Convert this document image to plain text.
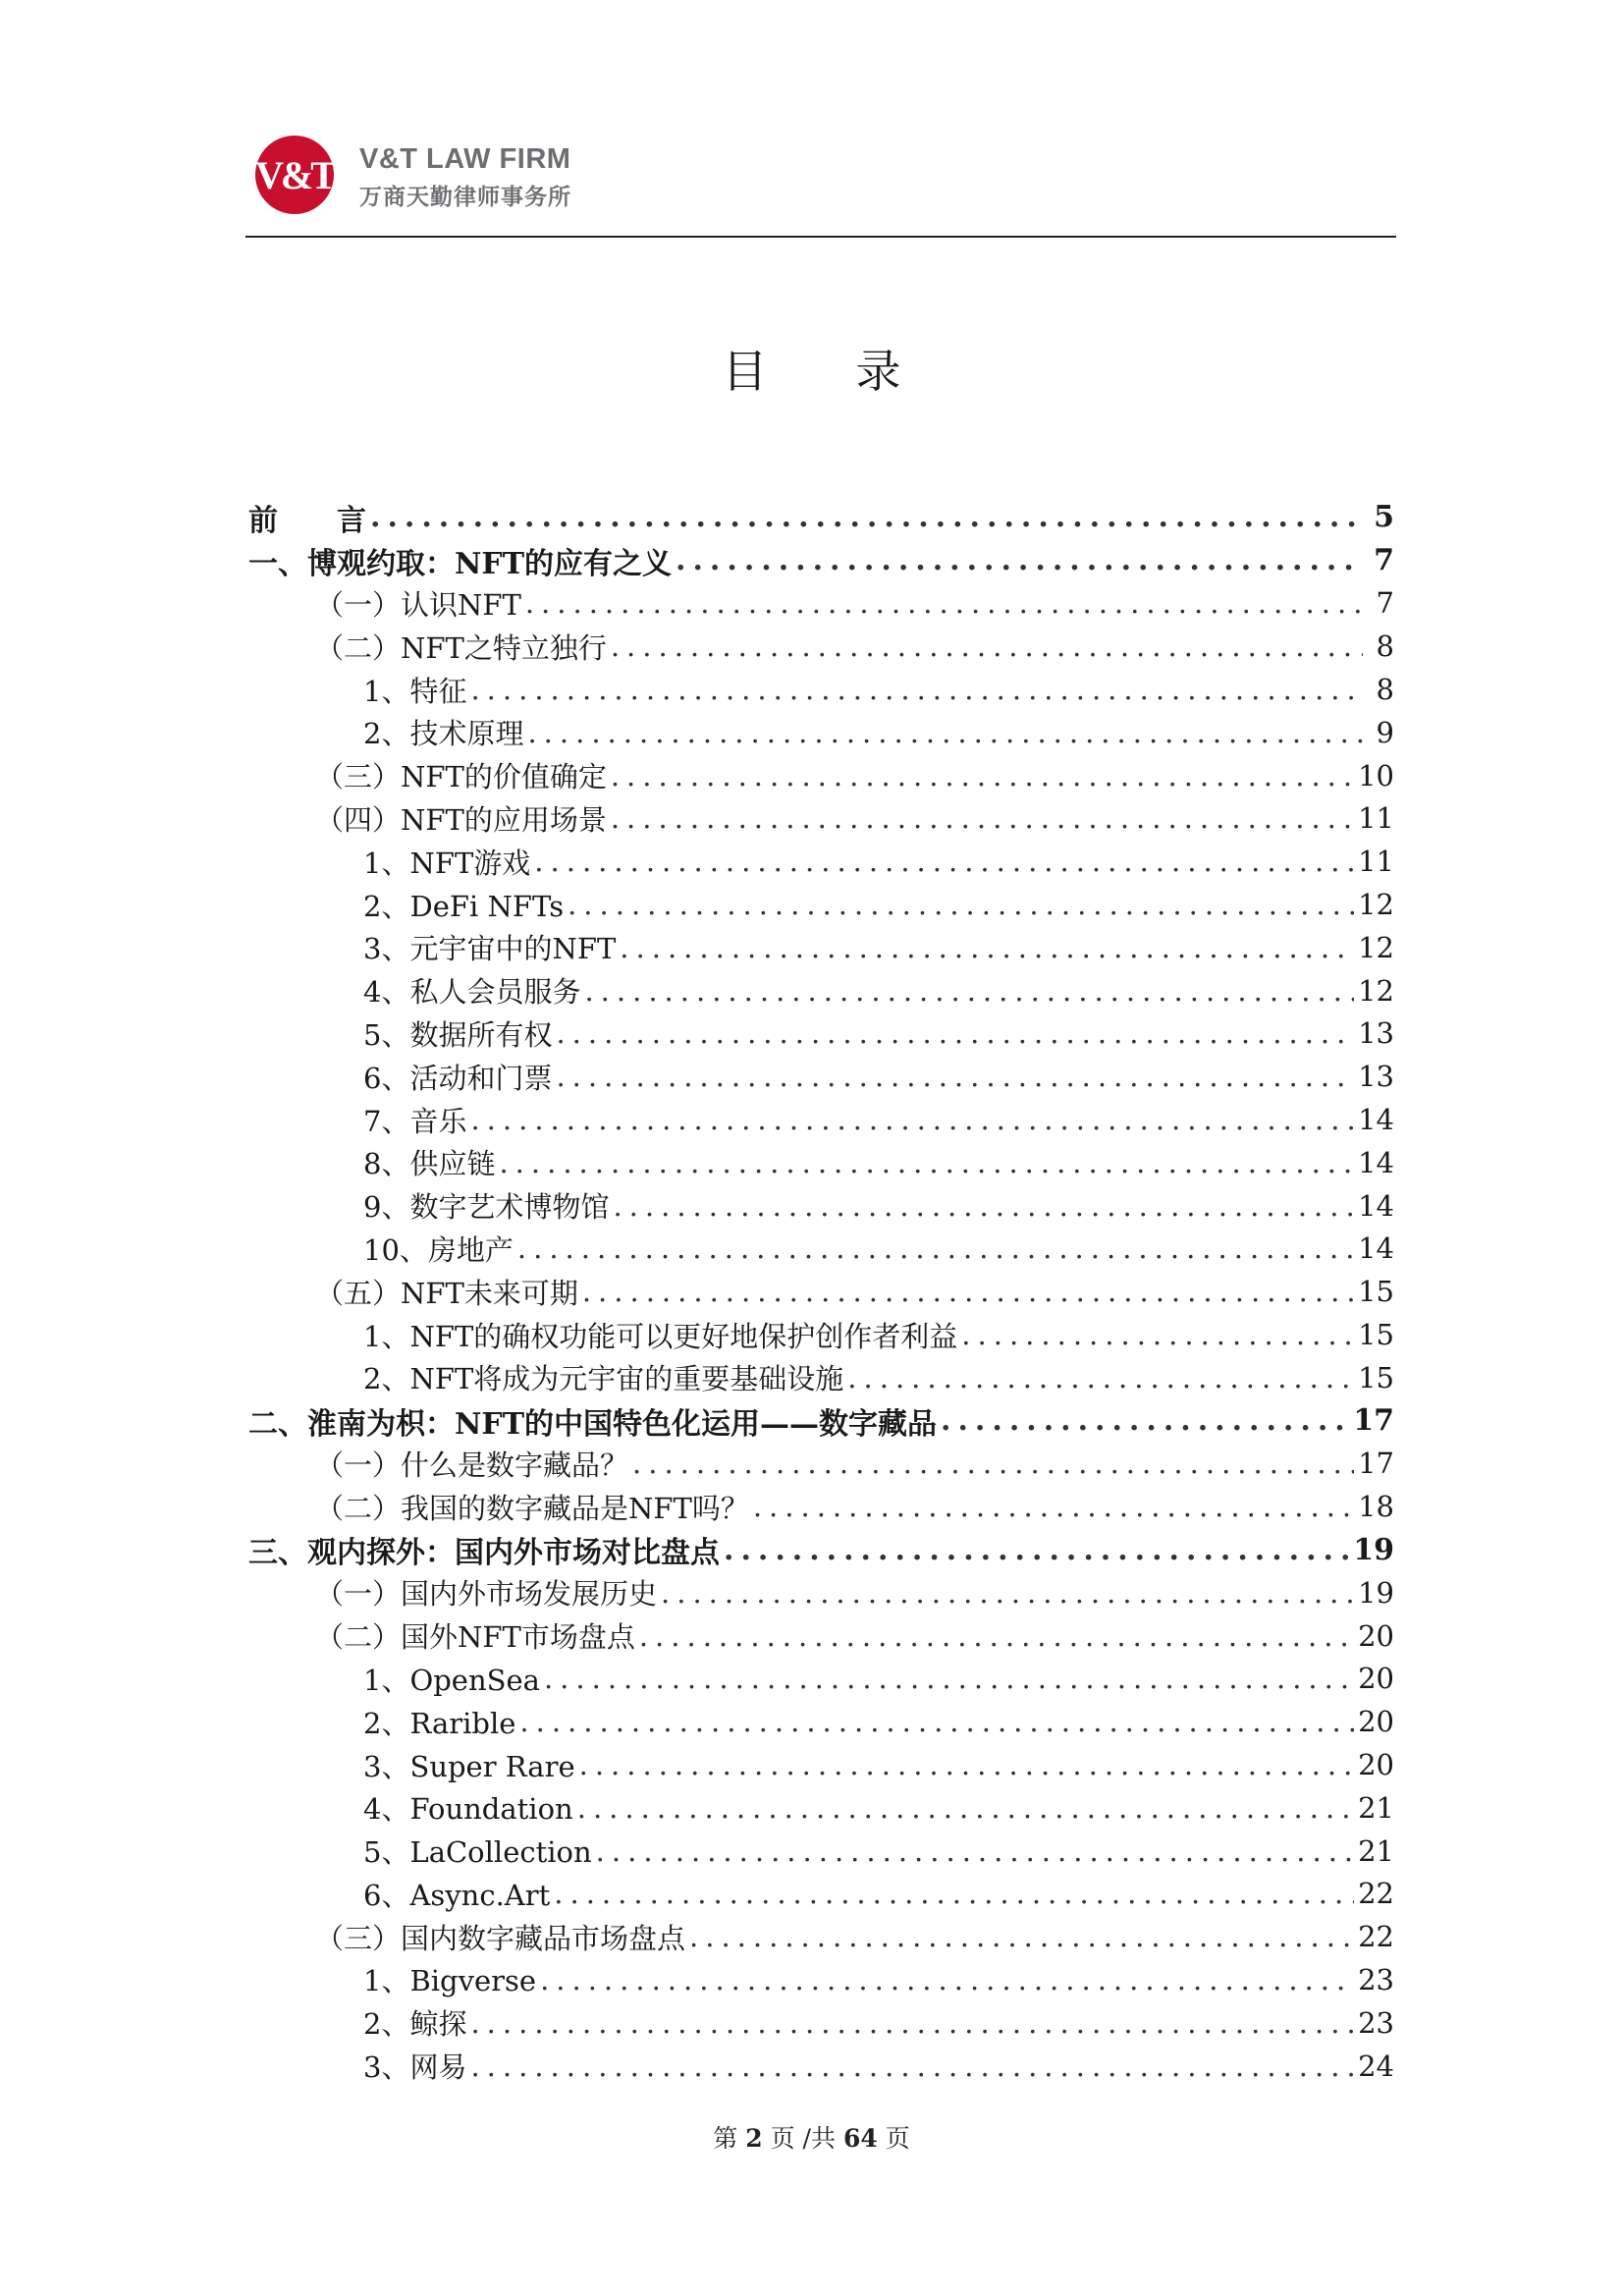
V&T V&T LAW FIRM
万商天勤律师事务所
目录
前　　言 .....	5
一、博观约取：NFT的应有之义 .....	7
（一）认识NFT .....	7
（二）NFT之特立独行 .....	8
1、特征 .....	8
2、技术原理 .....	9
（三）NFT的价值确定 .....	10
（四）NFT的应用场景 .....	11
1、NFT游戏 .....	11
2、DeFi NFTs .....	12
3、元宇宙中的NFT .....	12
4、私人会员服务 .....	12
5、数据所有权 .....	13
6、活动和门票 .....	13
7、音乐 .....	14
8、供应链 .....	14
9、数字艺术博物馆 .....	14
10、房地产 .....	14
（五）NFT未来可期 .....	15
1、NFT的确权功能可以更好地保护创作者利益 .....	15
2、NFT将成为元宇宙的重要基础设施 .....	15
二、淮南为枳：NFT的中国特色化运用——数字藏品 .....	17
（一）什么是数字藏品？ .....	17
（二）我国的数字藏品是NFT吗？ .....	18
三、观内探外：国内外市场对比盘点 .....	19
（一）国内外市场发展历史 .....	19
（二）国外NFT市场盘点 .....	20
1、OpenSea .....	20
2、Rarible .....	20
3、Super Rare .....	20
4、Foundation .....	21
5、LaCollection .....	21
6、Async.Art .....	22
（三）国内数字藏品市场盘点 .....	22
1、Bigverse .....	23
2、鲸探 .....	23
3、网易 .....	24
第 2 页 /共 64 页
